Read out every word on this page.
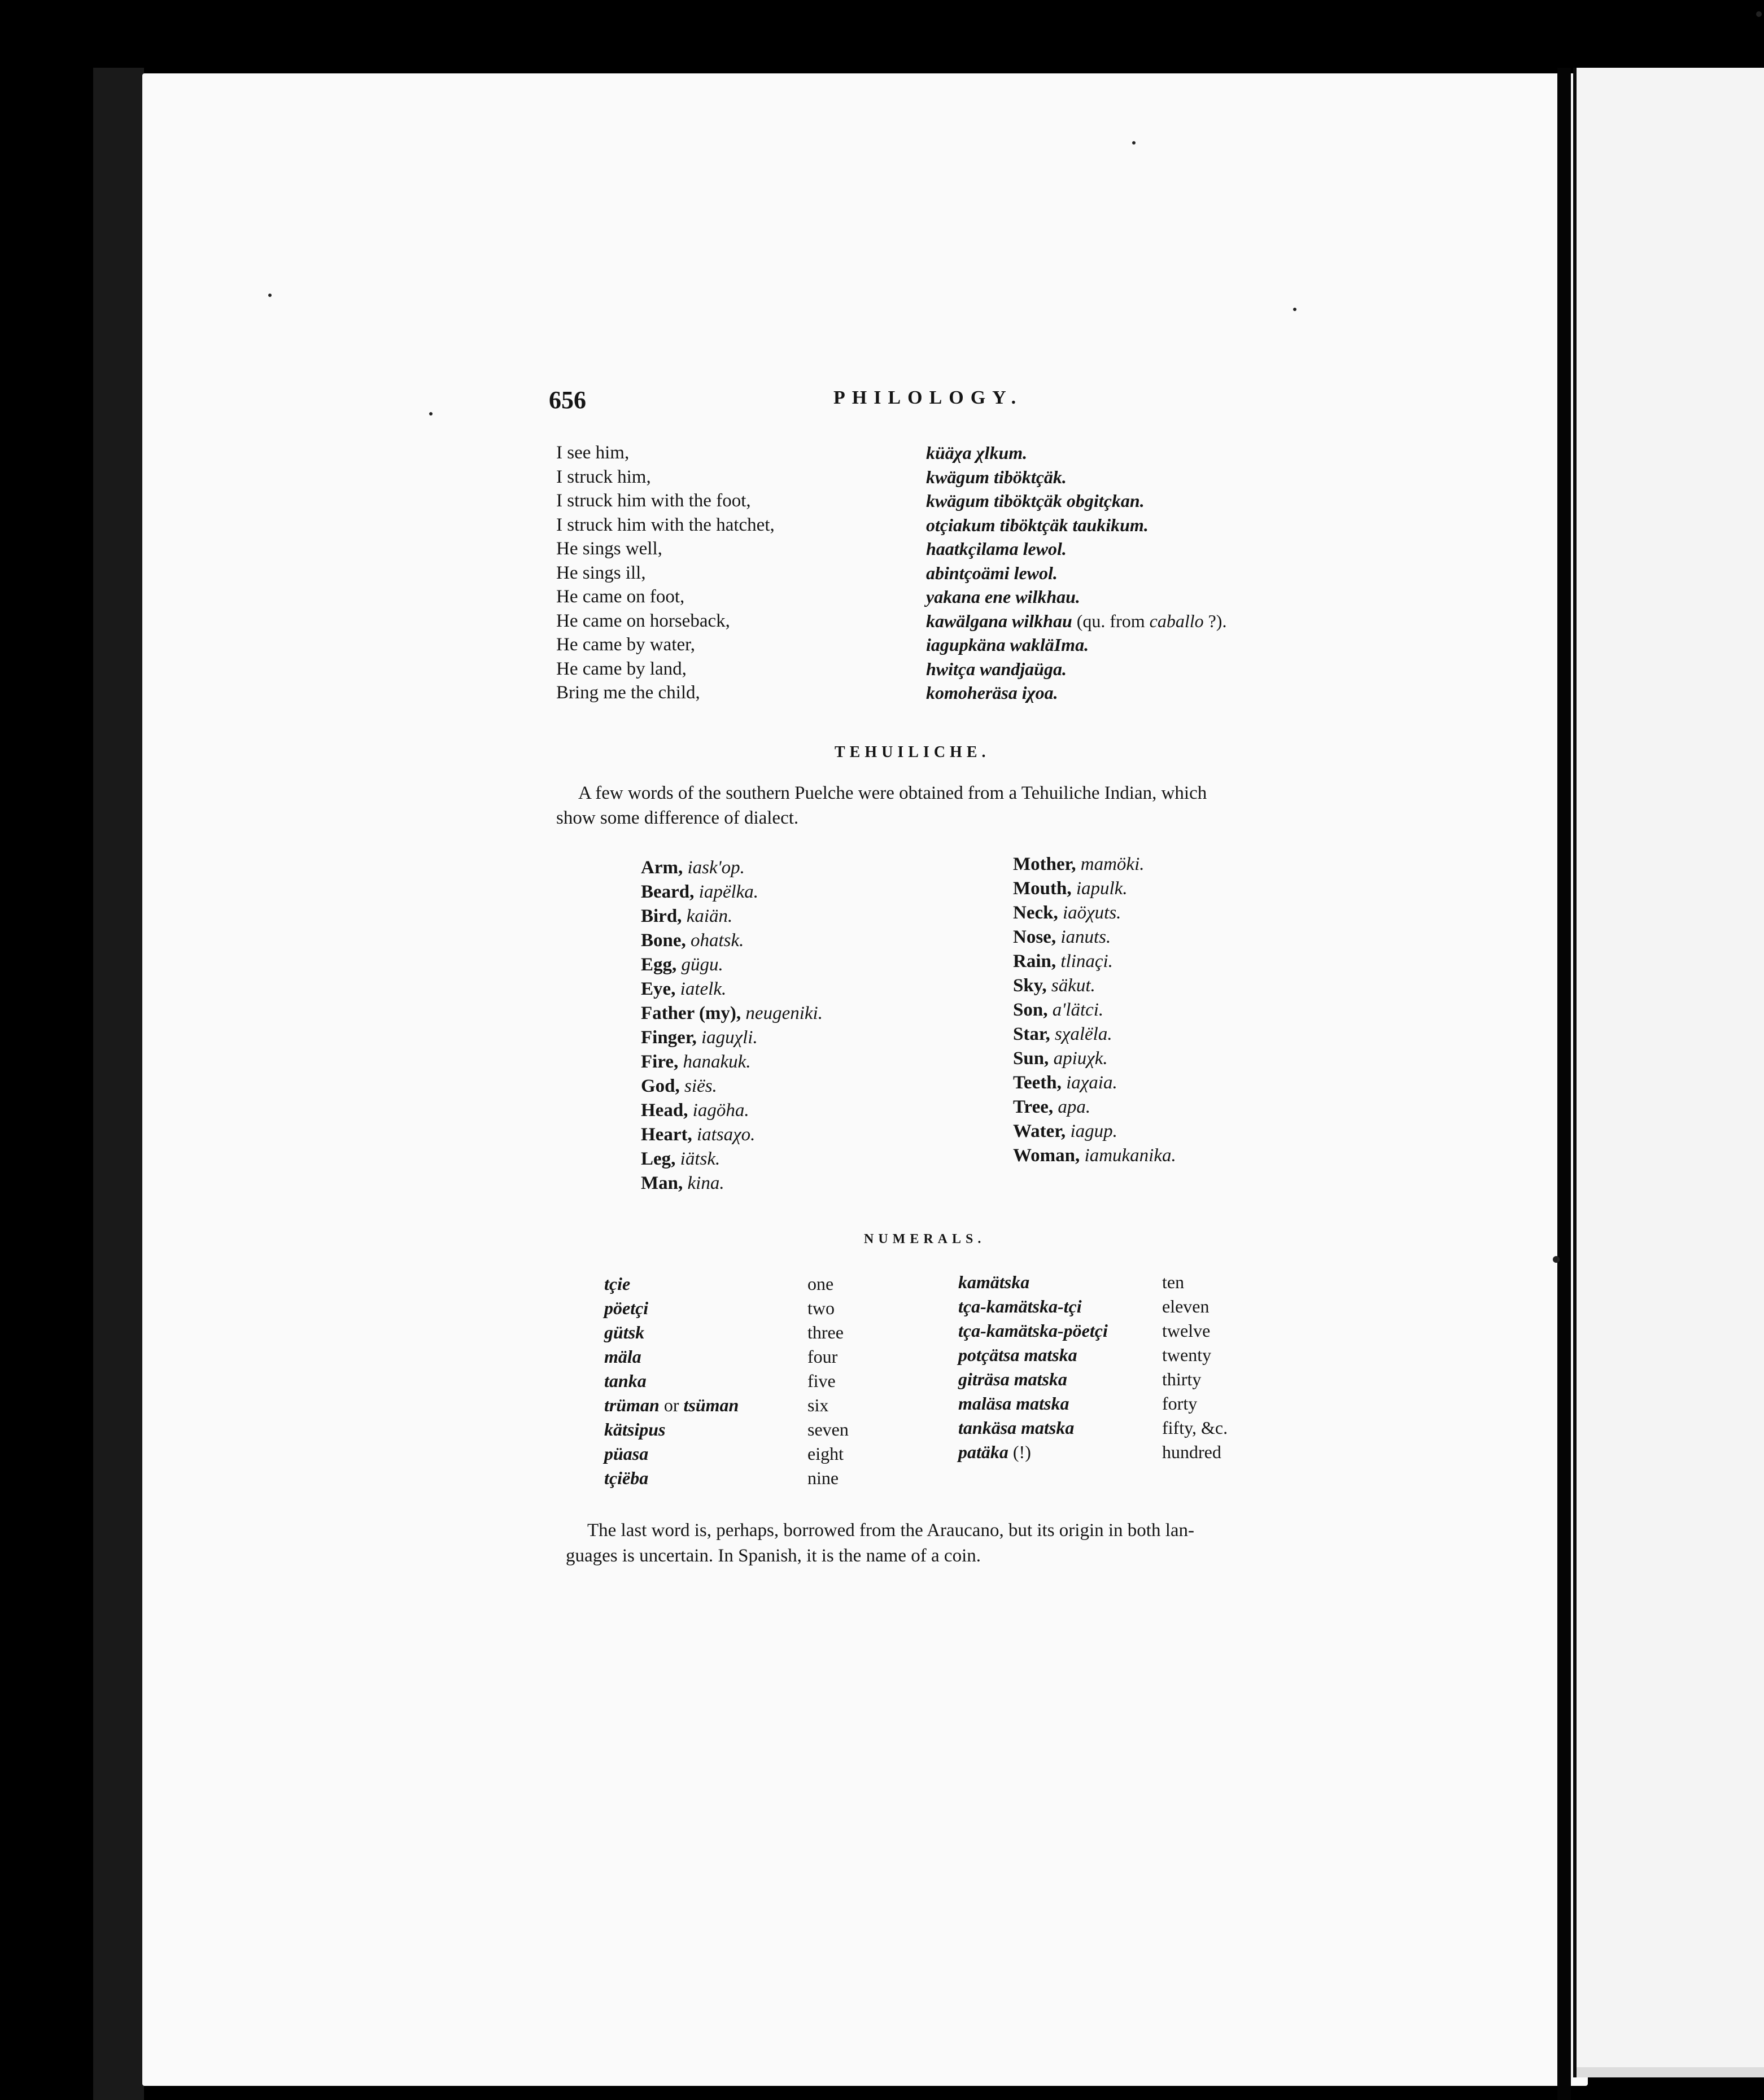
656	PHILOLOGY.
I see him,
I struck him,
I struck him with the foot,
I struck him with the hatchet,
He sings well,
He sings ill,
He came on foot,
He came on horseback,
He came by water,
He came by land,
Bring me the child,
küäχa χlkum.
kwägum tiböktçäk.
kwägum tiböktçäk obgitçkan.
otçiakum tiböktçäk taukikum.
haatkçilama lewol.
abintçoämi lewol.
yakana ene wilkhau.
kawälgana wilkhau (qu. from caballo ?).
iagupkäna wakläIma.
hwitça wandjaüga.
komoheräsa iχoa.
TEHUILICHE.
A few words of the southern Puelche were obtained from a Tehuiliche Indian, which
show some difference of dialect.
Arm, iask'op.
Beard, iapëlka.
Bird, kaiän.
Bone, ohatsk.
Egg, gügu.
Eye, iatelk.
Father (my), neugeniki.
Finger, iaguχli.
Fire, hanakuk.
God, siës.
Head, iagöha.
Heart, iatsaχo.
Leg, iätsk.
Man, kina.
Mother, mamöki.
Mouth, iapulk.
Neck, iaöχuts.
Nose, ianuts.
Rain, tlinaçi.
Sky, säkut.
Son, a'lätci.
Star, sχalëla.
Sun, apiuχk.
Teeth, iaχaia.
Tree, apa.
Water, iagup.
Woman, iamukanika.
NUMERALS.
tçie
pöetçi
gütsk
mäla
tanka
trüman or tsüman
kätsipus
püasa
tçiëba
one
two
three
four
five
six
seven
eight
nine
kamätska
tça-kamätska-tçi
tça-kamätska-pöetçi
potçätsa matska
giträsa matska
maläsa matska
tankäsa matska
patäka (!)
ten
eleven
twelve
twenty
thirty
forty
fifty, &c.
hundred
The last word is, perhaps, borrowed from the Araucano, but its origin in both lan-
guages is uncertain. In Spanish, it is the name of a coin.
